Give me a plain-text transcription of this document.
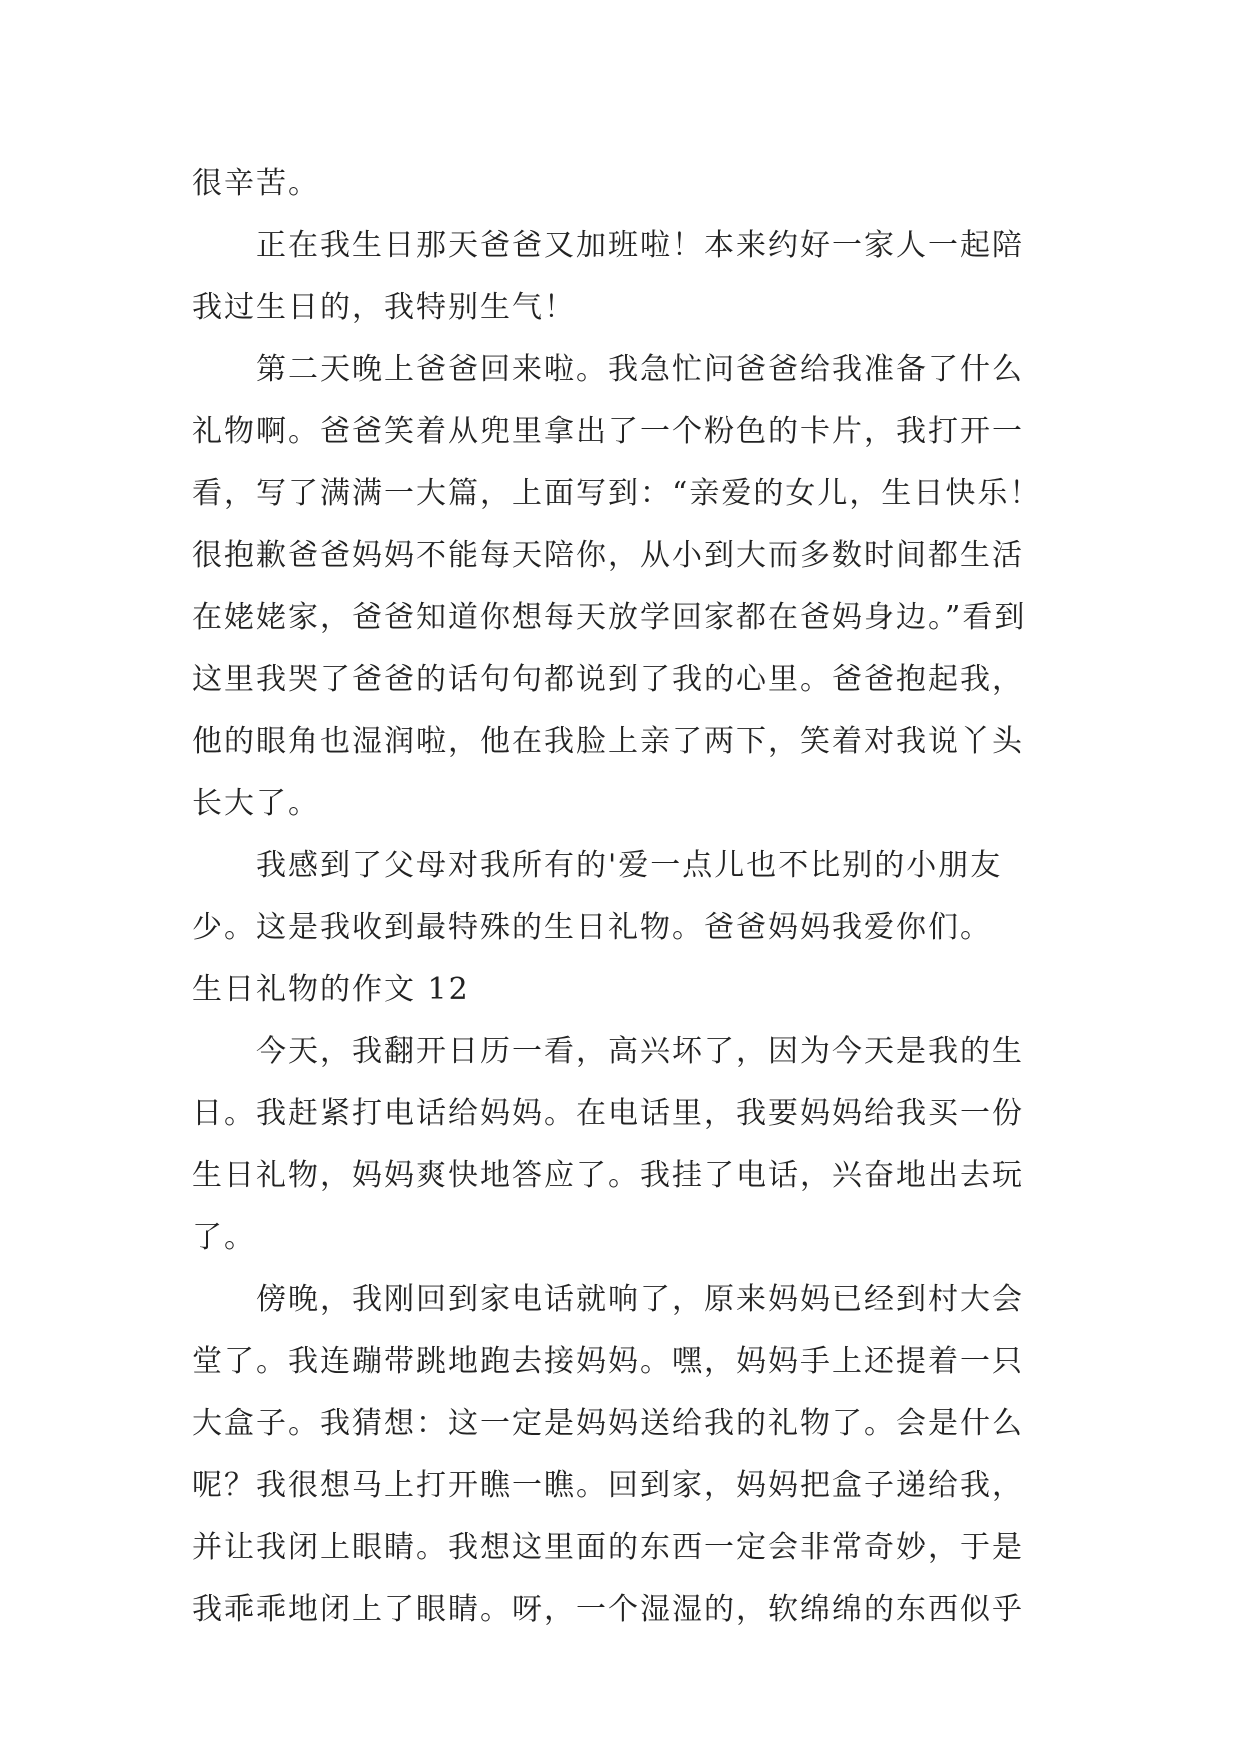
很辛苦。

正在我生日那天爸爸又加班啦！本来约好一家人一起陪我过生日的，我特别生气！

第二天晚上爸爸回来啦。我急忙问爸爸给我准备了什么礼物啊。爸爸笑着从兜里拿出了一个粉色的卡片，我打开一看，写了满满一大篇，上面写到：“亲爱的女儿，生日快乐！很抱歉爸爸妈妈不能每天陪你，从小到大而多数时间都生活在姥姥家，爸爸知道你想每天放学回家都在爸妈身边。”看到这里我哭了爸爸的话句句都说到了我的心里。爸爸抱起我，他的眼角也湿润啦，他在我脸上亲了两下，笑着对我说丫头长大了。

我感到了父母对我所有的'爱一点儿也不比别的小朋友少。这是我收到最特殊的生日礼物。爸爸妈妈我爱你们。

生日礼物的作文 12

今天，我翻开日历一看，高兴坏了，因为今天是我的生日。我赶紧打电话给妈妈。在电话里，我要妈妈给我买一份生日礼物，妈妈爽快地答应了。我挂了电话，兴奋地出去玩了。

傍晚，我刚回到家电话就响了，原来妈妈已经到村大会堂了。我连蹦带跳地跑去接妈妈。嘿，妈妈手上还提着一只大盒子。我猜想：这一定是妈妈送给我的礼物了。会是什么呢？我很想马上打开瞧一瞧。回到家，妈妈把盒子递给我，并让我闭上眼睛。我想这里面的东西一定会非常奇妙，于是我乖乖地闭上了眼睛。呀，一个湿湿的，软绵绵的东西似乎
